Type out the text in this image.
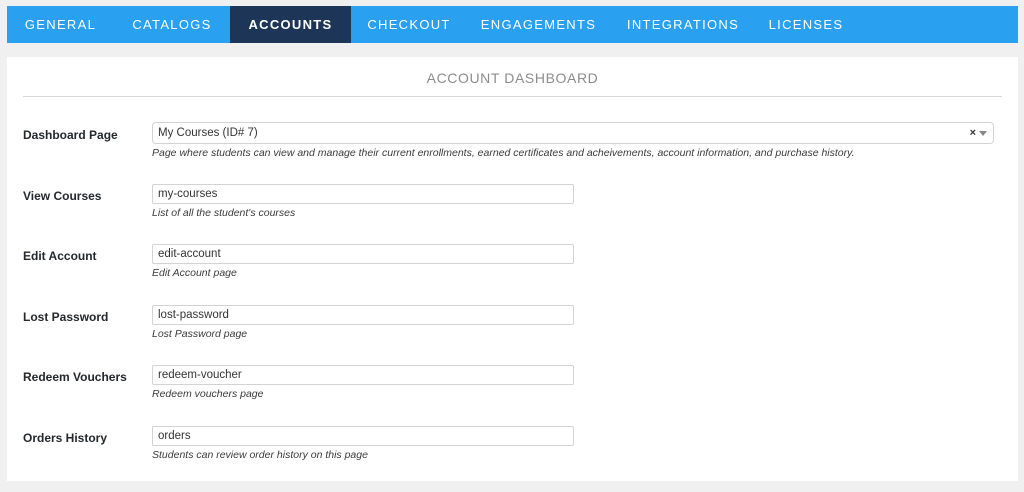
GENERAL	CATALOGS	ACCOUNTS	CHECKOUT	ENGAGEMENTS	INTEGRATIONS	LICENSES
ACCOUNT DASHBOARD
Dashboard Page	My Courses (ID# 7)	×
Page where students can view and manage their current enrollments, earned certificates and acheivements, account information, and purchase history.
View Courses	my-courses
List of all the student's courses
Edit Account	edit-account
Edit Account page
Lost Password	lost-password
Lost Password page
Redeem Vouchers	redeem-voucher
Redeem vouchers page
Orders History	orders
Students can review order history on this page
